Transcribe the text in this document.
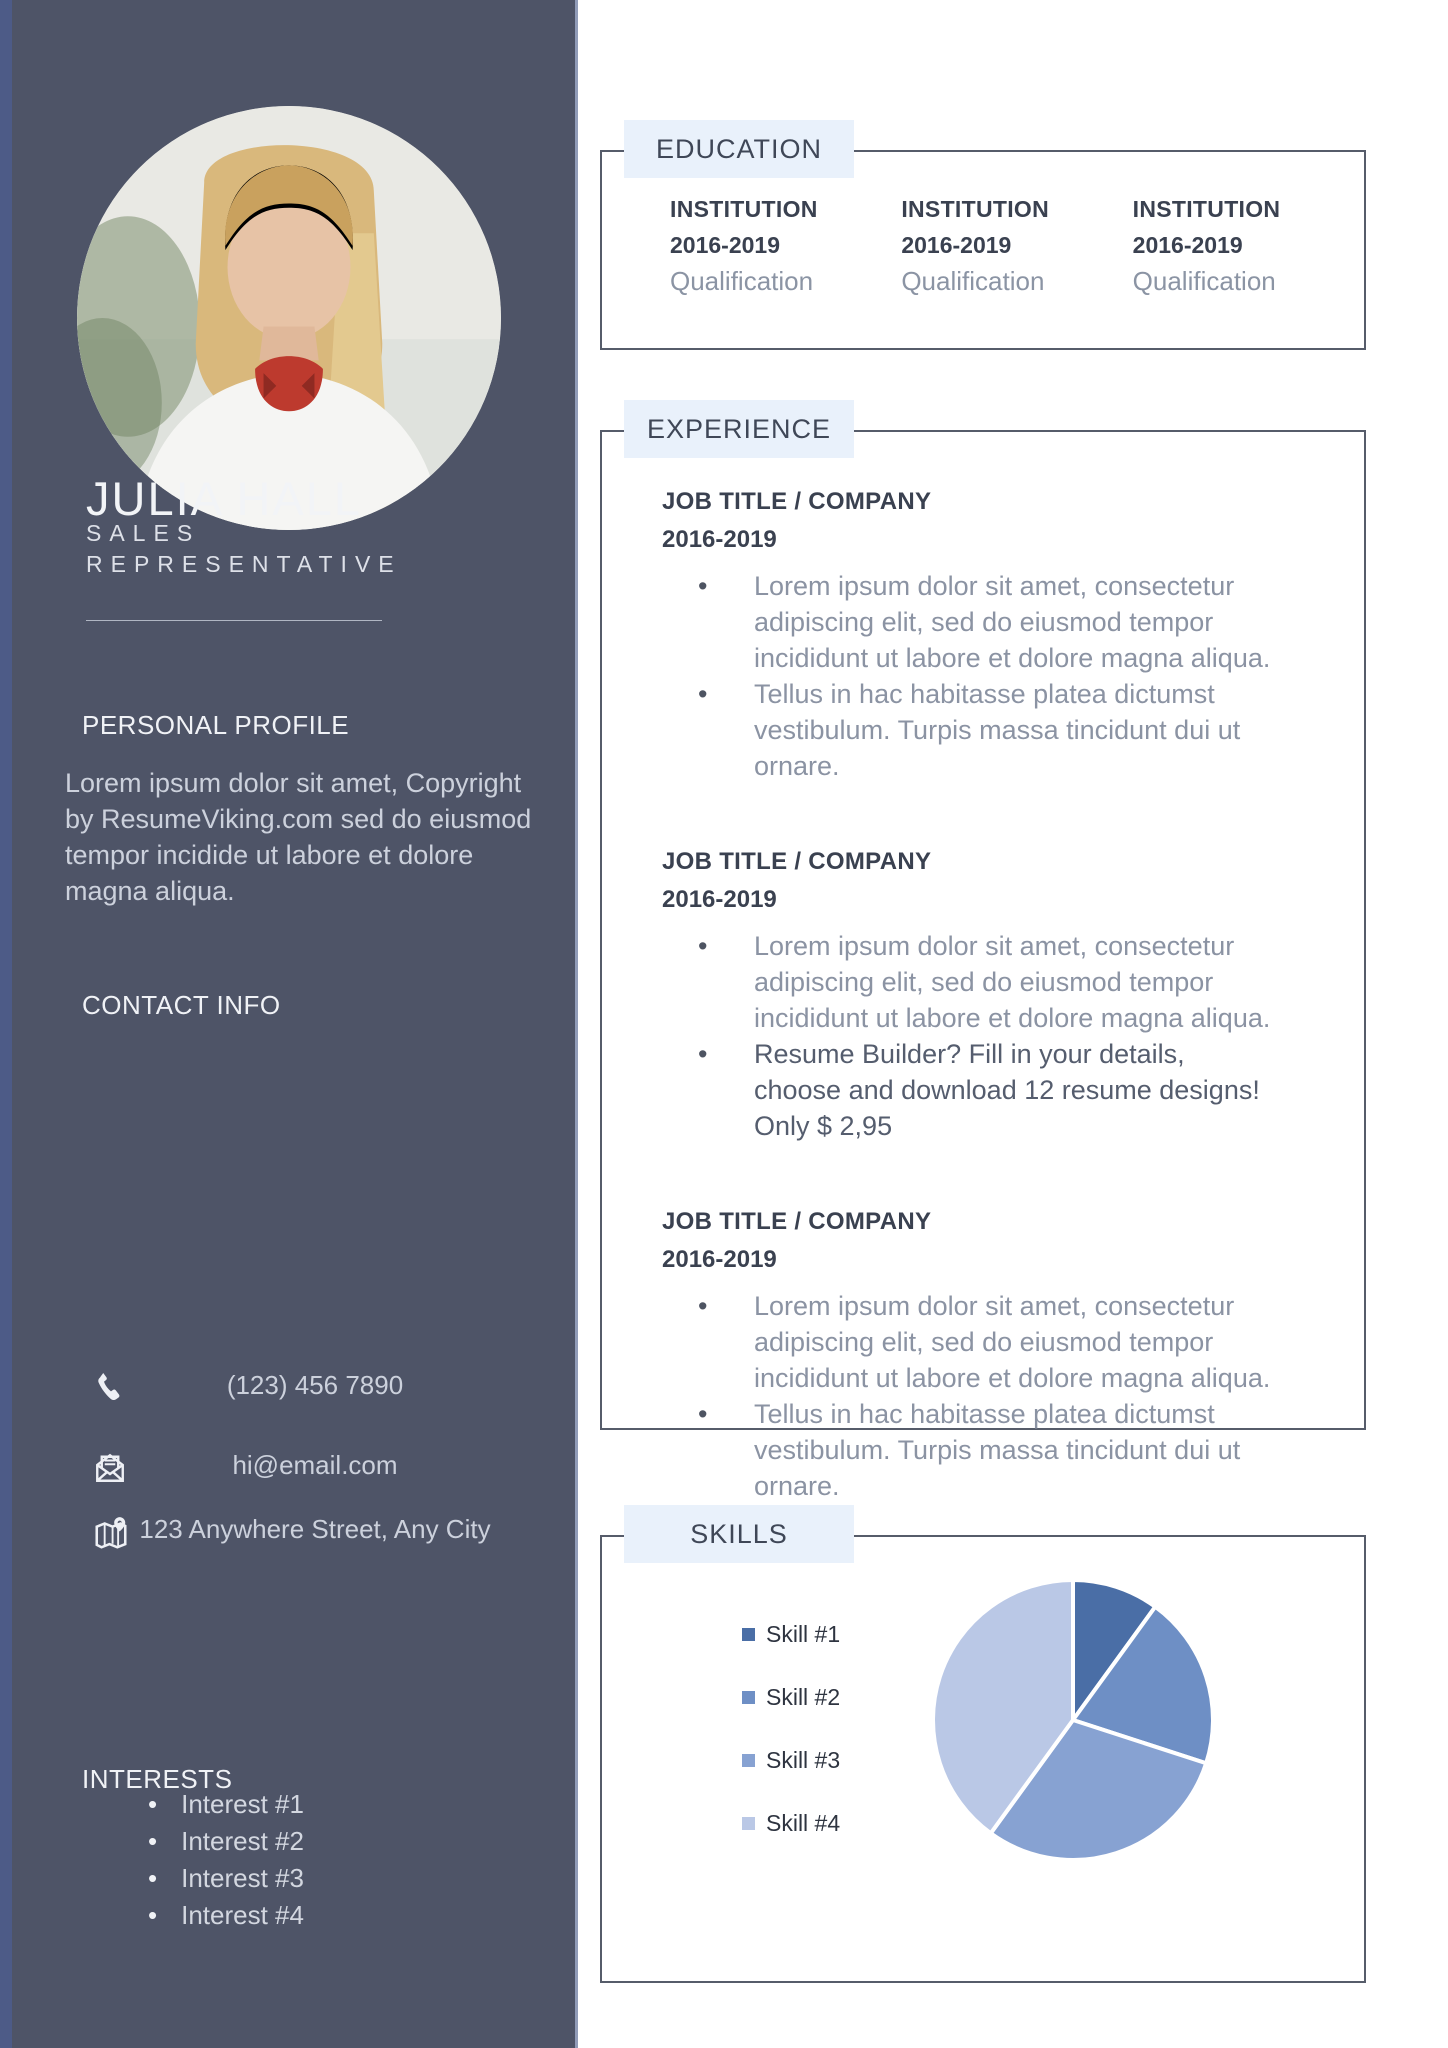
JULIA HALL
SALES REPRESENTATIVE
PERSONAL PROFILE

Lorem ipsum dolor sit amet, Copyright by ResumeViking.com sed do eiusmod tempor incidide ut labore et dolore magna aliqua.

CONTACT INFO
(123) 456 7890
hi@email.com
123 Anywhere Street, Any City
INTERESTS
• Interest #1
• Interest #2
• Interest #3
• Interest #4
EDUCATION
INSTITUTION
2016-2019
Qualification
INSTITUTION
2016-2019
Qualification
INSTITUTION
2016-2019
Qualification
EXPERIENCE
JOB TITLE / COMPANY
2016-2019
•	Lorem ipsum dolor sit amet, consectetur adipiscing elit, sed do eiusmod tempor incididunt ut labore et dolore magna aliqua.
•	Tellus in hac habitasse platea dictumst vestibulum. Turpis massa tincidunt dui ut ornare.
JOB TITLE / COMPANY
2016-2019
•	Lorem ipsum dolor sit amet, consectetur adipiscing elit, sed do eiusmod tempor incididunt ut labore et dolore magna aliqua.
•	Resume Builder? Fill in your details, choose and download 12 resume designs! Only $ 2,95
JOB TITLE / COMPANY
2016-2019
•	Lorem ipsum dolor sit amet, consectetur adipiscing elit, sed do eiusmod tempor incididunt ut labore et dolore magna aliqua.
•	Tellus in hac habitasse platea dictumst vestibulum. Turpis massa tincidunt dui ut ornare.
SKILLS
Skill #1
Skill #2
Skill #3
Skill #4
